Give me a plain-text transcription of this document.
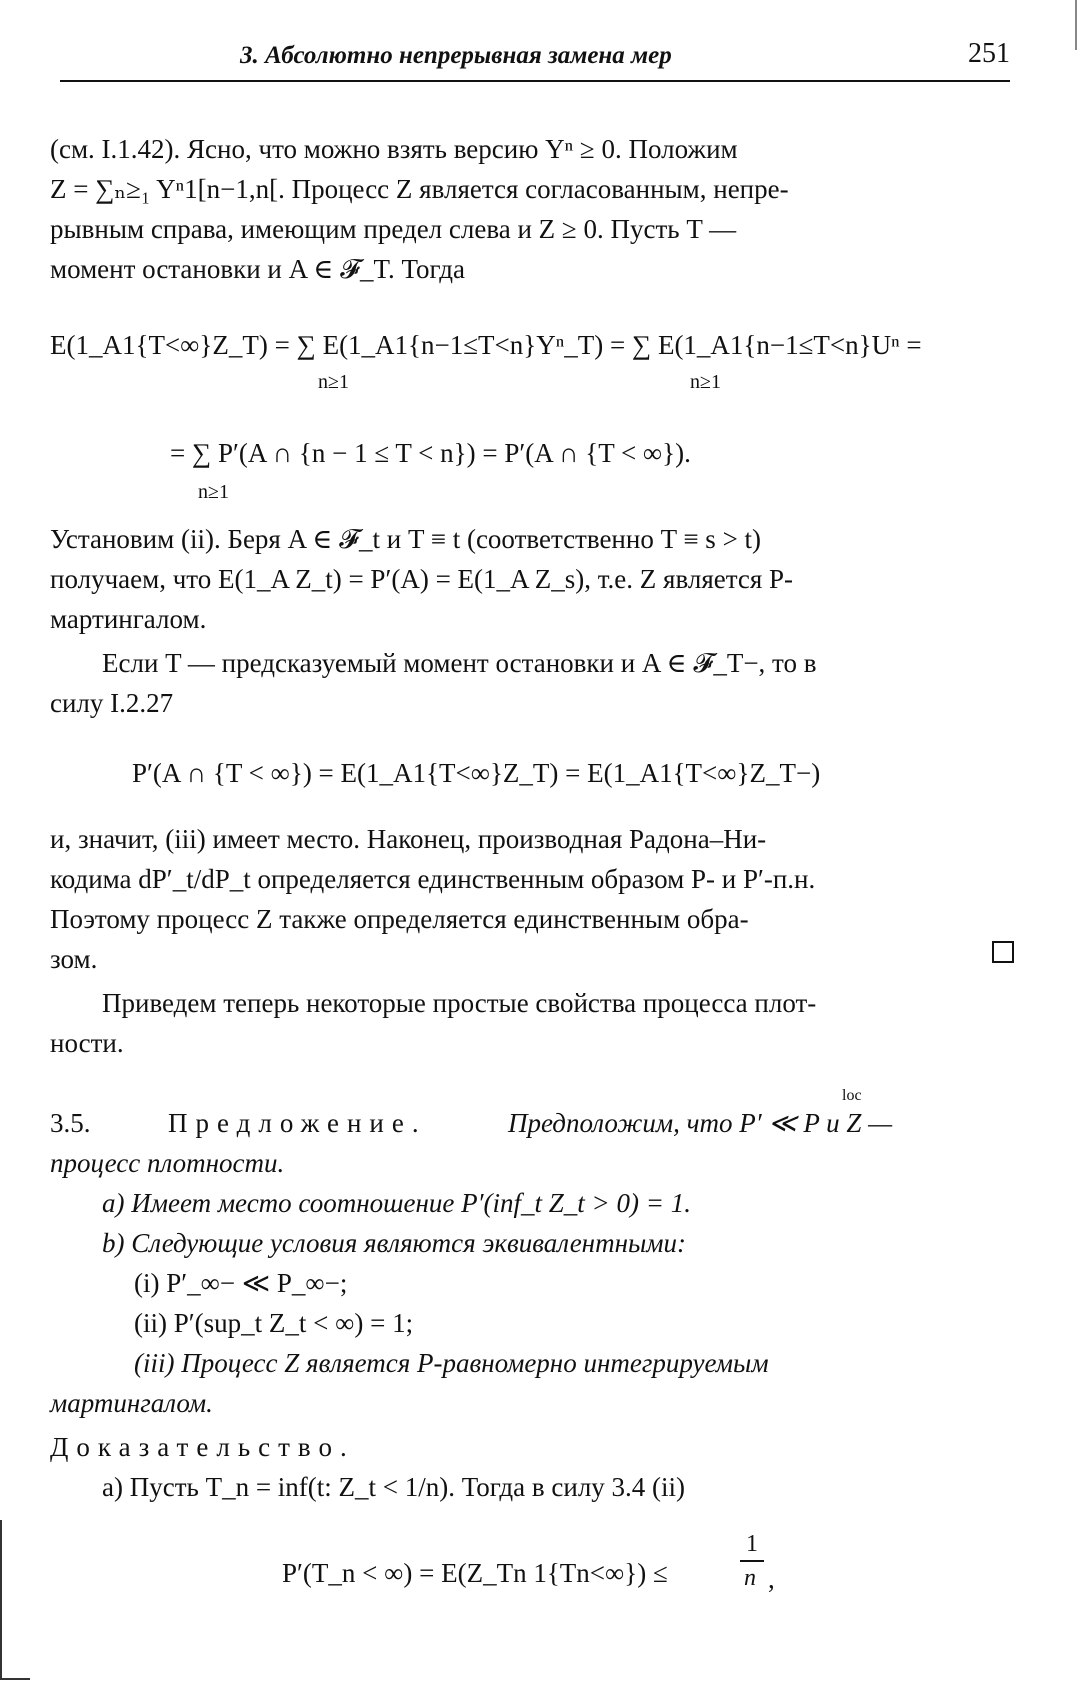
3. Абсолютно непрерывная замена мер	251
(см. I.1.42). Ясно, что можно взять версию Yⁿ ≥ 0. Положим
Z = ∑ₙ≥₁ Yⁿ1[n−1,n[. Процесс Z является согласованным, непре-
рывным справа, имеющим предел слева и Z ≥ 0. Пусть T —
момент остановки и A ∈ 𝓕_T. Тогда
E(1_A1{T<∞}Z_T) = ∑ E(1_A1{n−1≤T<n}Yⁿ_T) = ∑ E(1_A1{n−1≤T<n}Uⁿ =
n≥1	n≥1
= ∑ P′(A ∩ {n − 1 ≤ T < n}) = P′(A ∩ {T < ∞}).
n≥1
Установим (ii). Беря A ∈ 𝓕_t и T ≡ t (соответственно T ≡ s > t)
получаем, что E(1_A Z_t) = P′(A) = E(1_A Z_s), т.е. Z является P-
мартингалом.
Если T — предсказуемый момент остановки и A ∈ 𝓕_T−, то в
силу I.2.27
P′(A ∩ {T < ∞}) = E(1_A1{T<∞}Z_T) = E(1_A1{T<∞}Z_T−)
и, значит, (iii) имеет место. Наконец, производная Радона–Ни-
кодима dP′_t/dP_t определяется единственным образом P- и P′-п.н.
Поэтому процесс Z также определяется единственным обра-
зом.
Приведем теперь некоторые простые свойства процесса плот-
ности.
3.5.	Предложение.	Предположим, что P′ ≪ P и Z —
loc
процесс плотности.
a) Имеет место соотношение P′(inf_t Z_t > 0) = 1.
b) Следующие условия являются эквивалентными:
(i) P′_∞− ≪ P_∞−;
(ii) P′(sup_t Z_t < ∞) = 1;
(iii) Процесс Z является P-равномерно интегрируемым
мартингалом.
Доказательство.
a) Пусть T_n = inf(t: Z_t < 1/n). Тогда в силу 3.4 (ii)
P′(T_n < ∞) = E(Z_Tn 1{Tn<∞}) ≤
1
n ,
